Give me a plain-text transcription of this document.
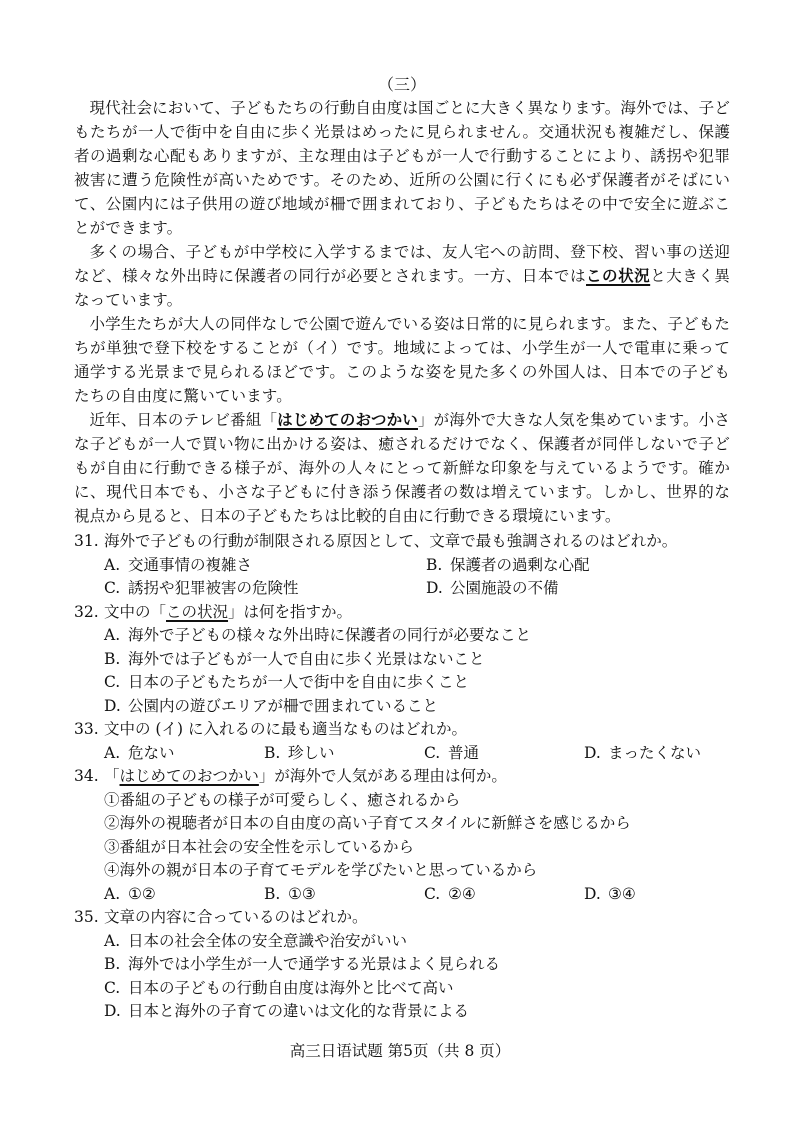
（三）

現代社会において、子どもたちの行動自由度は国ごとに大きく異なります。海外では、子どもたちが一人で街中を自由に歩く光景はめったに見られません。交通状況も複雑だし、保護者の過剰な心配もありますが、主な理由は子どもが一人で行動することにより、誘拐や犯罪被害に遭う危険性が高いためです。そのため、近所の公園に行くにも必ず保護者がそばにいて、公園内には子供用の遊び地域が柵で囲まれており、子どもたちはその中で安全に遊ぶことができます。

多くの場合、子どもが中学校に入学するまでは、友人宅への訪問、登下校、習い事の送迎など、様々な外出時に保護者の同行が必要とされます。一方、日本ではこの状況と大きく異なっています。

小学生たちが大人の同伴なしで公園で遊んでいる姿は日常的に見られます。また、子どもたちが単独で登下校をすることが（イ）です。地域によっては、小学生が一人で電車に乗って通学する光景まで見られるほどです。このような姿を見た多くの外国人は、日本での子どもたちの自由度に驚いています。

近年、日本のテレビ番組「はじめてのおつかい」が海外で大きな人気を集めています。小さな子どもが一人で買い物に出かける姿は、癒されるだけでなく、保護者が同伴しないで子どもが自由に行動できる様子が、海外の人々にとって新鮮な印象を与えているようです。確かに、現代日本でも、小さな子どもに付き添う保護者の数は増えています。しかし、世界的な視点から見ると、日本の子どもたちは比較的自由に行動できる環境にいます。

31. 海外で子どもの行動が制限される原因として、文章で最も強調されるのはどれか。
A. 交通事情の複雑さ	B. 保護者の過剰な心配
C. 誘拐や犯罪被害の危険性	D. 公園施設の不備
32. 文中の「この状況」は何を指すか。
A. 海外で子どもの様々な外出時に保護者の同行が必要なこと
B. 海外では子どもが一人で自由に歩く光景はないこと
C. 日本の子どもたちが一人で街中を自由に歩くこと
D. 公園内の遊びエリアが柵で囲まれていること
33. 文中の (イ) に入れるのに最も適当なものはどれか。
A. 危ない	B. 珍しい	C. 普通	D. まったくない
34. 「はじめてのおつかい」が海外で人気がある理由は何か。
①番組の子どもの様子が可愛らしく、癒されるから
②海外の視聴者が日本の自由度の高い子育てスタイルに新鮮さを感じるから
③番組が日本社会の安全性を示しているから
④海外の親が日本の子育てモデルを学びたいと思っているから
A. ①②	B. ①③	C. ②④	D. ③④
35. 文章の内容に合っているのはどれか。
A. 日本の社会全体の安全意識や治安がいい
B. 海外では小学生が一人で通学する光景はよく見られる
C. 日本の子どもの行動自由度は海外と比べて高い
D. 日本と海外の子育ての違いは文化的な背景による
高三日语试题 第5页（共 8 页）
